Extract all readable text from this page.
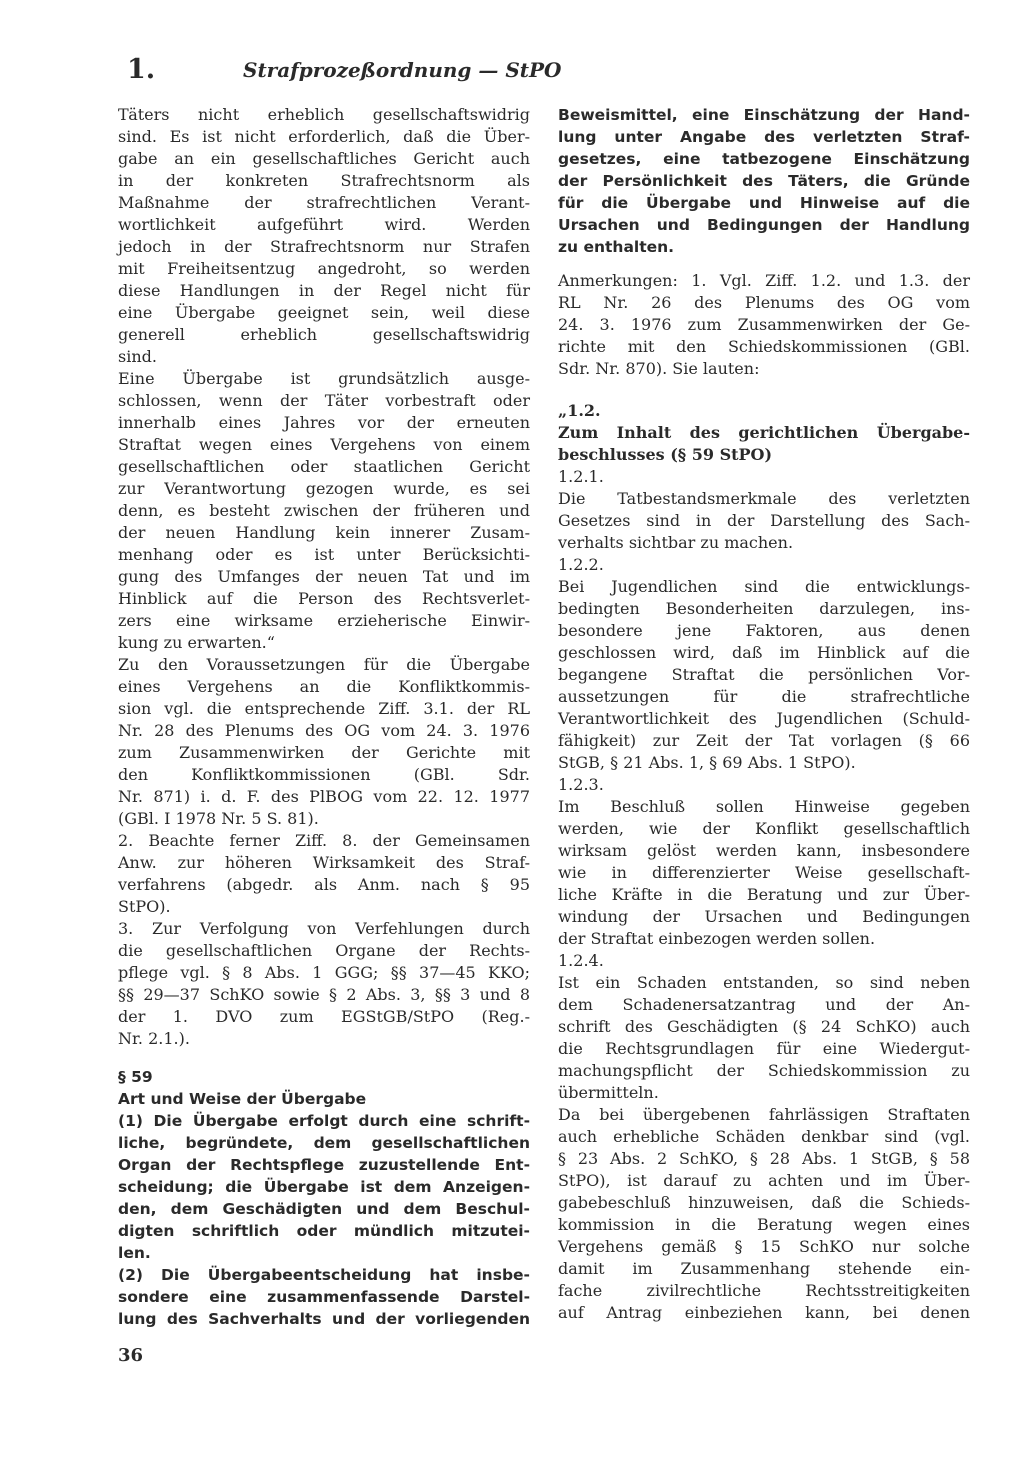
1.	Strafprozeßordnung — StPO
Täters nicht erheblich gesellschaftswidrig
sind. Es ist nicht erforderlich, daß die Über-
gabe an ein gesellschaftliches Gericht auch
in der konkreten Strafrechtsnorm als
Maßnahme der strafrechtlichen Verant-
wortlichkeit aufgeführt wird. Werden
jedoch in der Strafrechtsnorm nur Strafen
mit Freiheitsentzug angedroht, so werden
diese Handlungen in der Regel nicht für
eine Übergabe geeignet sein, weil diese
generell erheblich gesellschaftswidrig
sind.
Eine Übergabe ist grundsätzlich ausge-
schlossen, wenn der Täter vorbestraft oder
innerhalb eines Jahres vor der erneuten
Straftat wegen eines Vergehens von einem
gesellschaftlichen oder staatlichen Gericht
zur Verantwortung gezogen wurde, es sei
denn, es besteht zwischen der früheren und
der neuen Handlung kein innerer Zusam-
menhang oder es ist unter Berücksichti-
gung des Umfanges der neuen Tat und im
Hinblick auf die Person des Rechtsverlet-
zers eine wirksame erzieherische Einwir-
kung zu erwarten.“
Zu den Voraussetzungen für die Übergabe
eines Vergehens an die Konfliktkommis-
sion vgl. die entsprechende Ziff. 3.1. der RL
Nr. 28 des Plenums des OG vom 24. 3. 1976
zum Zusammenwirken der Gerichte mit
den Konfliktkommissionen (GBl. Sdr.
Nr. 871) i. d. F. des PlBOG vom 22. 12. 1977
(GBl. I 1978 Nr. 5 S. 81).
2. Beachte ferner Ziff. 8. der Gemeinsamen
Anw. zur höheren Wirksamkeit des Straf-
verfahrens (abgedr. als Anm. nach § 95
StPO).
3. Zur Verfolgung von Verfehlungen durch
die gesellschaftlichen Organe der Rechts-
pflege vgl. § 8 Abs. 1 GGG; §§ 37—45 KKO;
§§ 29—37 SchKO sowie § 2 Abs. 3, §§ 3 und 8
der 1. DVO zum EGStGB/StPO (Reg.-
Nr. 2.1.).
§ 59
Art und Weise der Übergabe
(1) Die Übergabe erfolgt durch eine schrift-
liche, begründete, dem gesellschaftlichen
Organ der Rechtspflege zuzustellende Ent-
scheidung; die Übergabe ist dem Anzeigen-
den, dem Geschädigten und dem Beschul-
digten schriftlich oder mündlich mitzutei-
len.
(2) Die Übergabeentscheidung hat insbe-
sondere eine zusammenfassende Darstel-
lung des Sachverhalts und der vorliegenden
Beweismittel, eine Einschätzung der Hand-
lung unter Angabe des verletzten Straf-
gesetzes, eine tatbezogene Einschätzung
der Persönlichkeit des Täters, die Gründe
für die Übergabe und Hinweise auf die
Ursachen und Bedingungen der Handlung
zu enthalten.
Anmerkungen: 1. Vgl. Ziff. 1.2. und 1.3. der
RL Nr. 26 des Plenums des OG vom
24. 3. 1976 zum Zusammenwirken der Ge-
richte mit den Schiedskommissionen (GBl.
Sdr. Nr. 870). Sie lauten:
„1.2.
Zum Inhalt des gerichtlichen Übergabe-
beschlusses (§ 59 StPO)
1.2.1.
Die Tatbestandsmerkmale des verletzten
Gesetzes sind in der Darstellung des Sach-
verhalts sichtbar zu machen.
1.2.2.
Bei Jugendlichen sind die entwicklungs-
bedingten Besonderheiten darzulegen, ins-
besondere jene Faktoren, aus denen
geschlossen wird, daß im Hinblick auf die
begangene Straftat die persönlichen Vor-
aussetzungen für die strafrechtliche
Verantwortlichkeit des Jugendlichen (Schuld-
fähigkeit) zur Zeit der Tat vorlagen (§ 66
StGB, § 21 Abs. 1, § 69 Abs. 1 StPO).
1.2.3.
Im Beschluß sollen Hinweise gegeben
werden, wie der Konflikt gesellschaftlich
wirksam gelöst werden kann, insbesondere
wie in differenzierter Weise gesellschaft-
liche Kräfte in die Beratung und zur Über-
windung der Ursachen und Bedingungen
der Straftat einbezogen werden sollen.
1.2.4.
Ist ein Schaden entstanden, so sind neben
dem Schadenersatzantrag und der An-
schrift des Geschädigten (§ 24 SchKO) auch
die Rechtsgrundlagen für eine Wiedergut-
machungspflicht der Schiedskommission zu
übermitteln.
Da bei übergebenen fahrlässigen Straftaten
auch erhebliche Schäden denkbar sind (vgl.
§ 23 Abs. 2 SchKO, § 28 Abs. 1 StGB, § 58
StPO), ist darauf zu achten und im Über-
gabebeschluß hinzuweisen, daß die Schieds-
kommission in die Beratung wegen eines
Vergehens gemäß § 15 SchKO nur solche
damit im Zusammenhang stehende ein-
fache zivilrechtliche Rechtsstreitigkeiten
auf Antrag einbeziehen kann, bei denen
36
